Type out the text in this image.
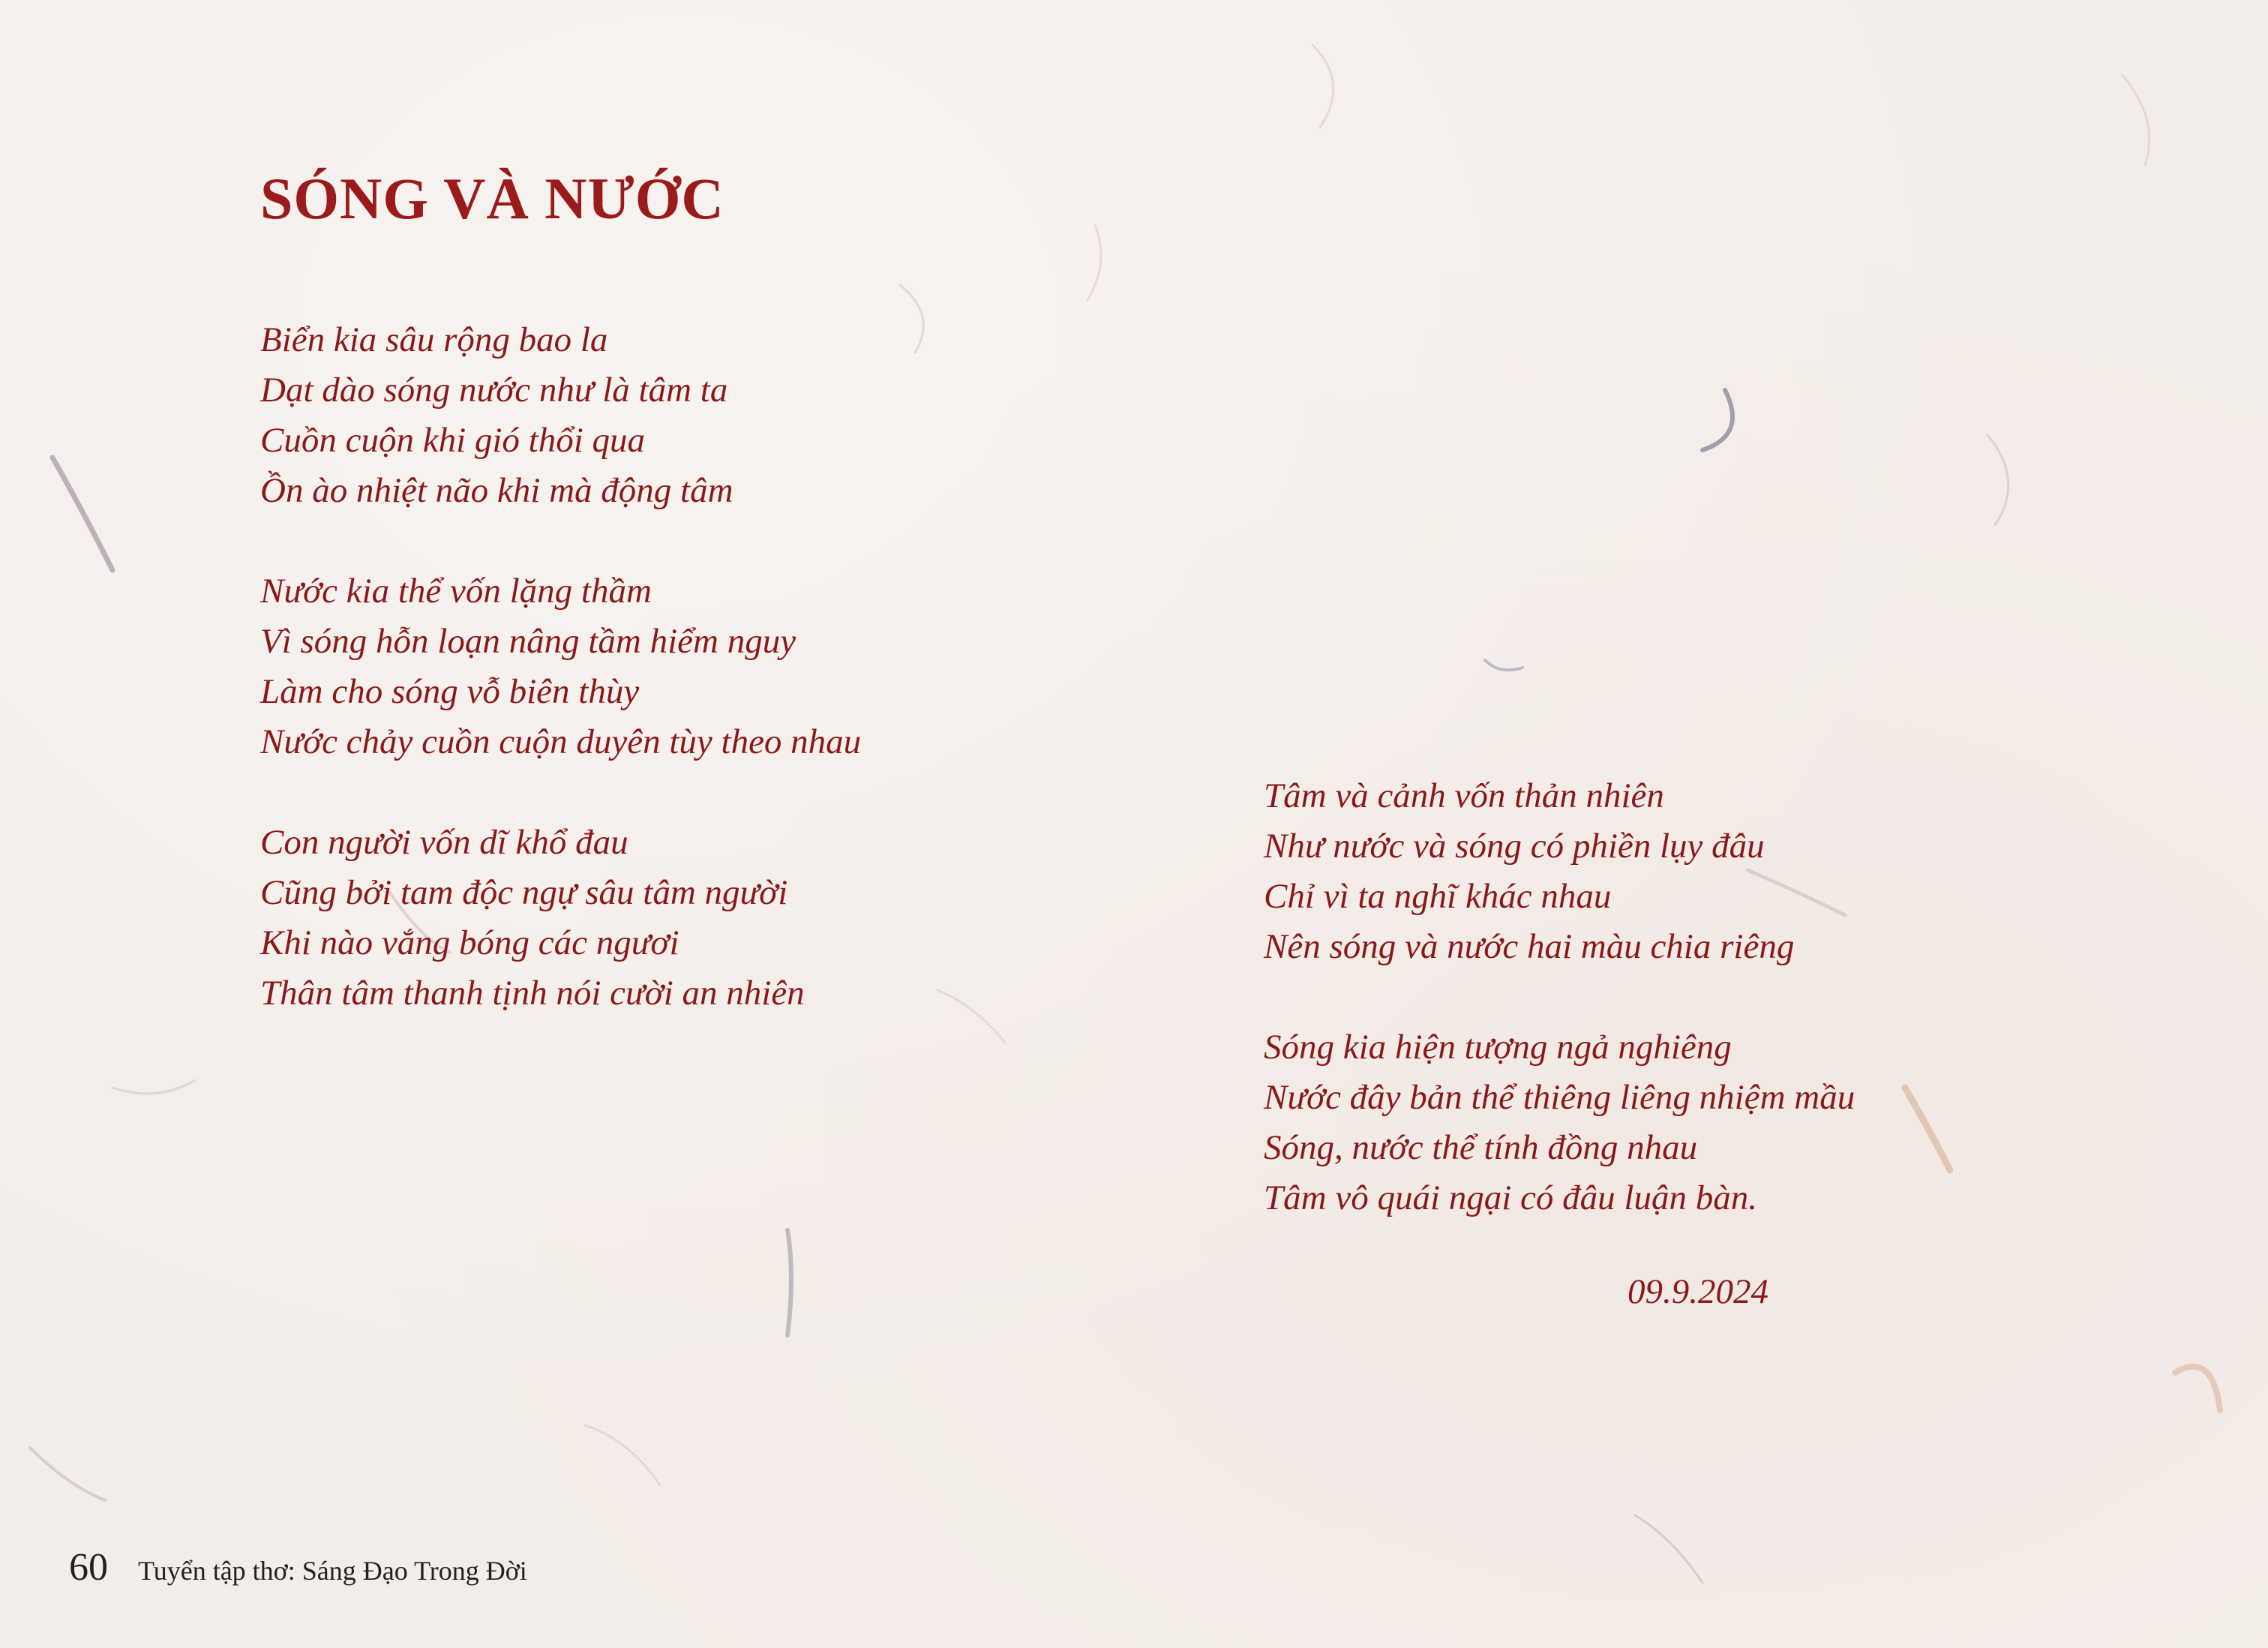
SÓNG VÀ NƯỚC
Biển kia sâu rộng bao la
Dạt dào sóng nước như là tâm ta
Cuồn cuộn khi gió thổi qua
Ồn ào nhiệt não khi mà động tâm
Nước kia thể vốn lặng thầm
Vì sóng hỗn loạn nâng tầm hiểm nguy
Làm cho sóng vỗ biên thùy
Nước chảy cuồn cuộn duyên tùy theo nhau
Con người vốn dĩ khổ đau
Cũng bởi tam độc ngự sâu tâm người
Khi nào vắng bóng các ngươi
Thân tâm thanh tịnh nói cười an nhiên
Tâm và cảnh vốn thản nhiên
Như nước và sóng có phiền lụy đâu
Chỉ vì ta nghĩ khác nhau
Nên sóng và nước hai màu chia riêng
Sóng kia hiện tượng ngả nghiêng
Nước đây bản thể thiêng liêng nhiệm mầu
Sóng, nước thể tính đồng nhau
Tâm vô quái ngại có đâu luận bàn.
09.9.2024
60 Tuyển tập thơ: Sáng Đạo Trong Đời
